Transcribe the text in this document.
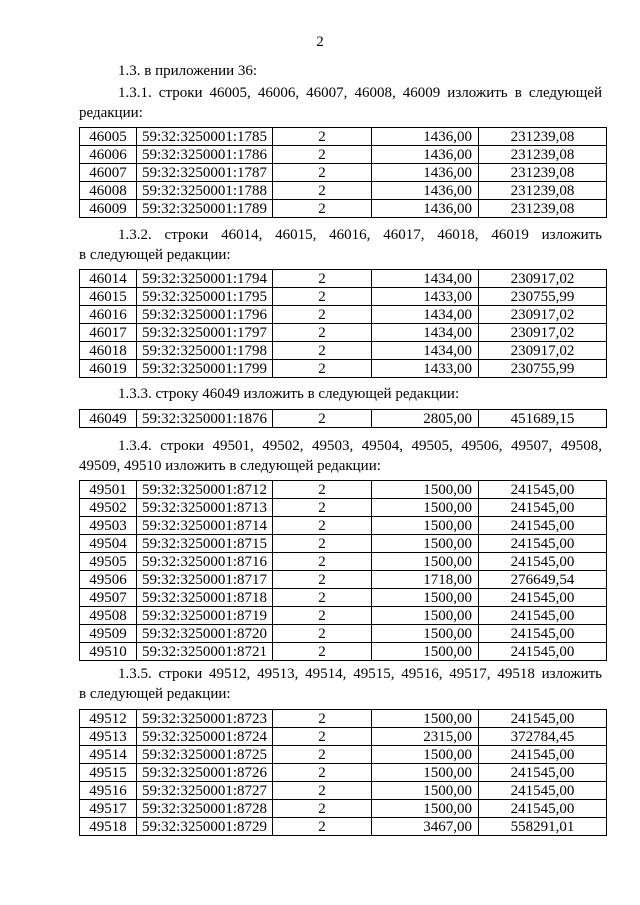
2
1.3. в приложении 36:
1.3.1. строки 46005, 46006, 46007, 46008, 46009 изложить в следующей
редакции:
46005	59:32:3250001:1785	2	1436,00	231239,08
46006	59:32:3250001:1786	2	1436,00	231239,08
46007	59:32:3250001:1787	2	1436,00	231239,08
46008	59:32:3250001:1788	2	1436,00	231239,08
46009	59:32:3250001:1789	2	1436,00	231239,08
1.3.2. строки 46014, 46015, 46016, 46017, 46018, 46019 изложить
в следующей редакции:
46014	59:32:3250001:1794	2	1434,00	230917,02
46015	59:32:3250001:1795	2	1433,00	230755,99
46016	59:32:3250001:1796	2	1434,00	230917,02
46017	59:32:3250001:1797	2	1434,00	230917,02
46018	59:32:3250001:1798	2	1434,00	230917,02
46019	59:32:3250001:1799	2	1433,00	230755,99
1.3.3. строку 46049 изложить в следующей редакции:
46049	59:32:3250001:1876	2	2805,00	451689,15
1.3.4. строки 49501, 49502, 49503, 49504, 49505, 49506, 49507, 49508,
49509, 49510 изложить в следующей редакции:
49501	59:32:3250001:8712	2	1500,00	241545,00
49502	59:32:3250001:8713	2	1500,00	241545,00
49503	59:32:3250001:8714	2	1500,00	241545,00
49504	59:32:3250001:8715	2	1500,00	241545,00
49505	59:32:3250001:8716	2	1500,00	241545,00
49506	59:32:3250001:8717	2	1718,00	276649,54
49507	59:32:3250001:8718	2	1500,00	241545,00
49508	59:32:3250001:8719	2	1500,00	241545,00
49509	59:32:3250001:8720	2	1500,00	241545,00
49510	59:32:3250001:8721	2	1500,00	241545,00
1.3.5. строки 49512, 49513, 49514, 49515, 49516, 49517, 49518 изложить
в следующей редакции:
49512	59:32:3250001:8723	2	1500,00	241545,00
49513	59:32:3250001:8724	2	2315,00	372784,45
49514	59:32:3250001:8725	2	1500,00	241545,00
49515	59:32:3250001:8726	2	1500,00	241545,00
49516	59:32:3250001:8727	2	1500,00	241545,00
49517	59:32:3250001:8728	2	1500,00	241545,00
49518	59:32:3250001:8729	2	3467,00	558291,01
